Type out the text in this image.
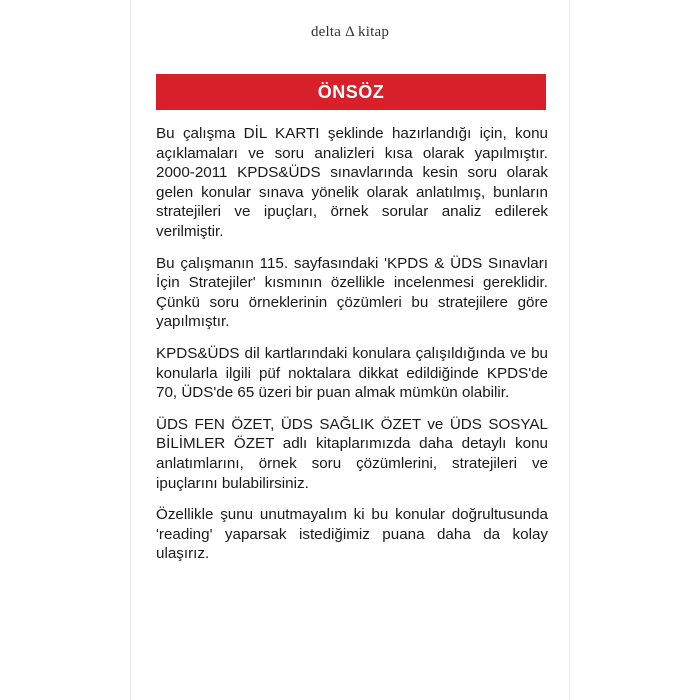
delta Δ kitap
ÖNSÖZ

Bu çalışma DİL KARTI şeklinde hazırlandığı için, konu açıklamaları ve soru analizleri kısa olarak yapılmıştır. 2000-2011 KPDS&ÜDS sınavlarında kesin soru olarak gelen konular sınava yönelik olarak anlatılmış, bunların stratejileri ve ipuçları, örnek sorular analiz edilerek verilmiştir.

Bu çalışmanın 115. sayfasındaki 'KPDS & ÜDS Sınavları İçin Stratejiler' kısmının özellikle incelenmesi gereklidir. Çünkü soru örneklerinin çözümleri bu stratejilere göre yapılmıştır.

KPDS&ÜDS dil kartlarındaki konulara çalışıldığında ve bu konularla ilgili püf noktalara dikkat edildiğinde KPDS'de 70, ÜDS'de 65 üzeri bir puan almak mümkün olabilir.

ÜDS FEN ÖZET, ÜDS SAĞLIK ÖZET ve ÜDS SOSYAL BİLİMLER ÖZET adlı kitaplarımızda daha detaylı konu anlatımlarını, örnek soru çözümlerini, stratejileri ve ipuçlarını bulabilirsiniz.

Özellikle şunu unutmayalım ki bu konular doğrultusunda 'reading' yaparsak istediğimiz puana daha da kolay ulaşırız.
